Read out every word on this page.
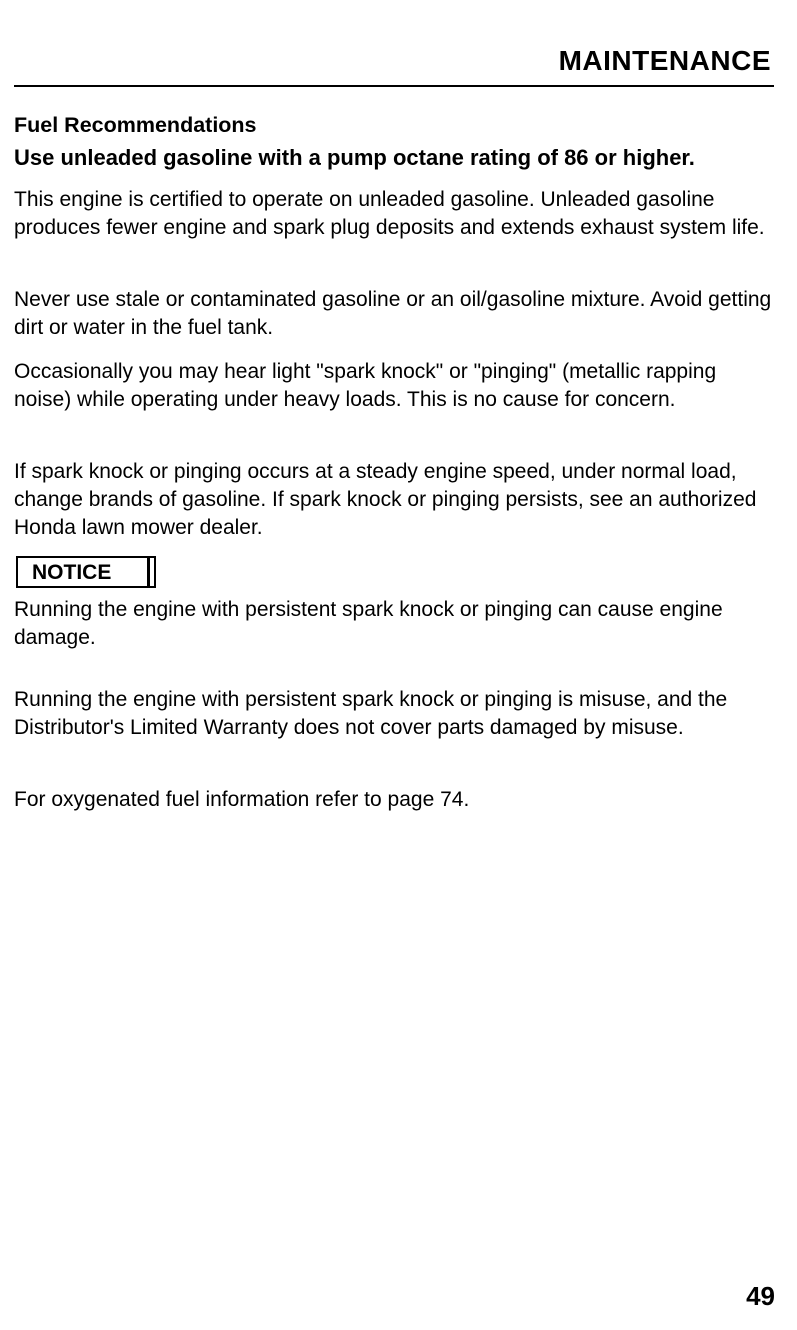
MAINTENANCE
Fuel Recommendations
Use unleaded gasoline with a pump octane rating of 86 or higher.

This engine is certified to operate on unleaded gasoline. Unleaded gasoline produces fewer engine and spark plug deposits and extends exhaust system life.

Never use stale or contaminated gasoline or an oil/gasoline mixture. Avoid getting dirt or water in the fuel tank.

Occasionally you may hear light "spark knock" or "pinging" (metallic rapping noise) while operating under heavy loads. This is no cause for concern.

If spark knock or pinging occurs at a steady engine speed, under normal load, change brands of gasoline. If spark knock or pinging persists, see an authorized Honda lawn mower dealer.

NOTICE

Running the engine with persistent spark knock or pinging can cause engine damage.

Running the engine with persistent spark knock or pinging is misuse, and the Distributor's Limited Warranty does not cover parts damaged by misuse.

For oxygenated fuel information refer to page 74.

49
